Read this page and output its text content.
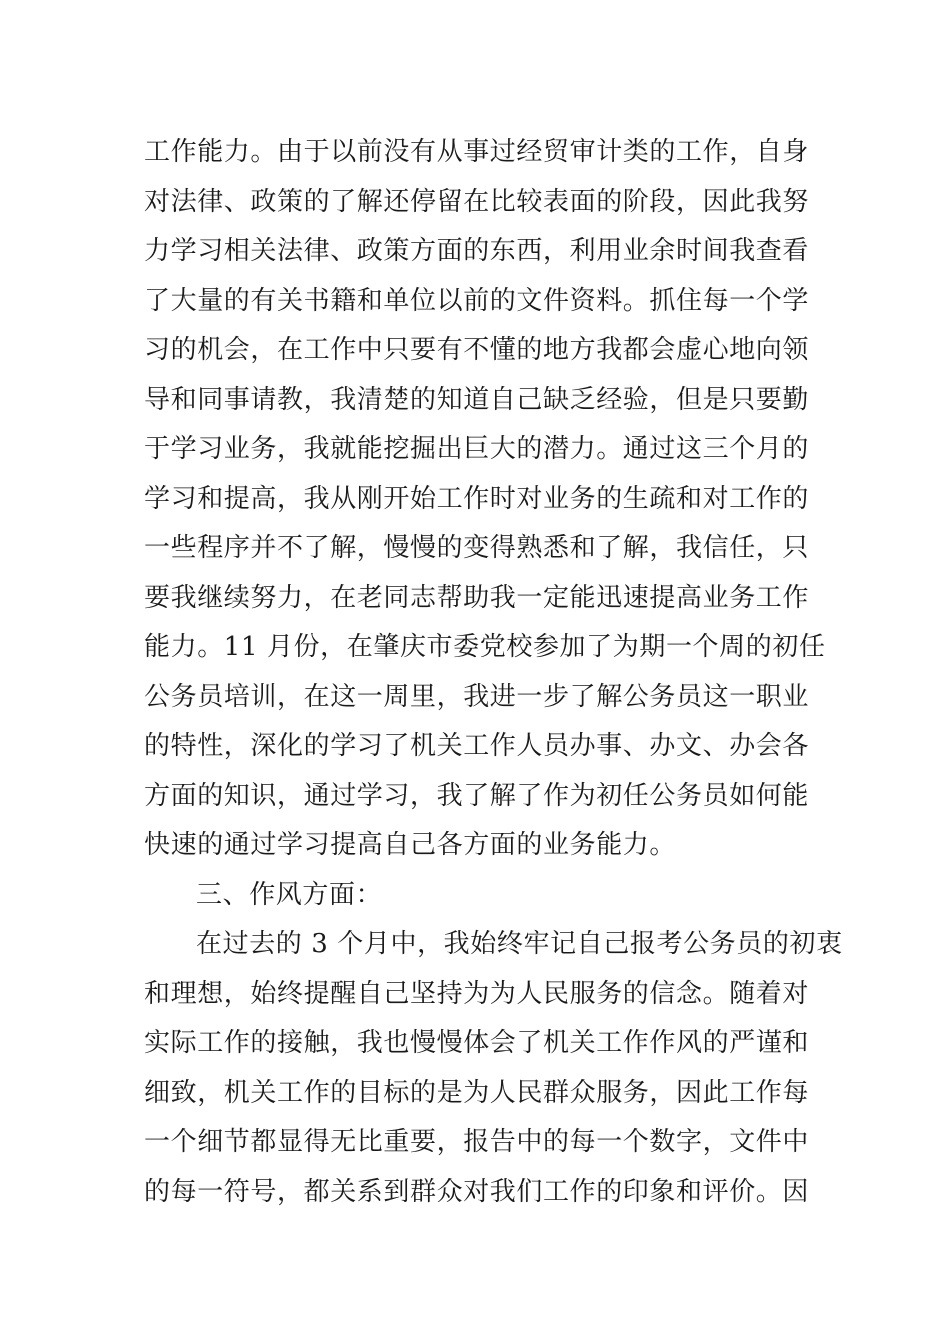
工作能力。由于以前没有从事过经贸审计类的工作，自身
对法律、政策的了解还停留在比较表面的阶段，因此我努
力学习相关法律、政策方面的东西，利用业余时间我查看
了大量的有关书籍和单位以前的文件资料。抓住每一个学
习的机会，在工作中只要有不懂的地方我都会虚心地向领
导和同事请教，我清楚的知道自己缺乏经验，但是只要勤
于学习业务，我就能挖掘出巨大的潜力。通过这三个月的
学习和提高，我从刚开始工作时对业务的生疏和对工作的
一些程序并不了解，慢慢的变得熟悉和了解，我信任，只
要我继续努力，在老同志帮助我一定能迅速提高业务工作
能力。11 月份，在肇庆市委党校参加了为期一个周的初任
公务员培训，在这一周里，我进一步了解公务员这一职业
的特性，深化的学习了机关工作人员办事、办文、办会各
方面的知识，通过学习，我了解了作为初任公务员如何能
快速的通过学习提高自己各方面的业务能力。
三、作风方面：
在过去的 3 个月中，我始终牢记自己报考公务员的初衷
和理想，始终提醒自己坚持为为人民服务的信念。随着对
实际工作的接触，我也慢慢体会了机关工作作风的严谨和
细致，机关工作的目标的是为人民群众服务，因此工作每
一个细节都显得无比重要，报告中的每一个数字，文件中
的每一符号，都关系到群众对我们工作的印象和评价。因
